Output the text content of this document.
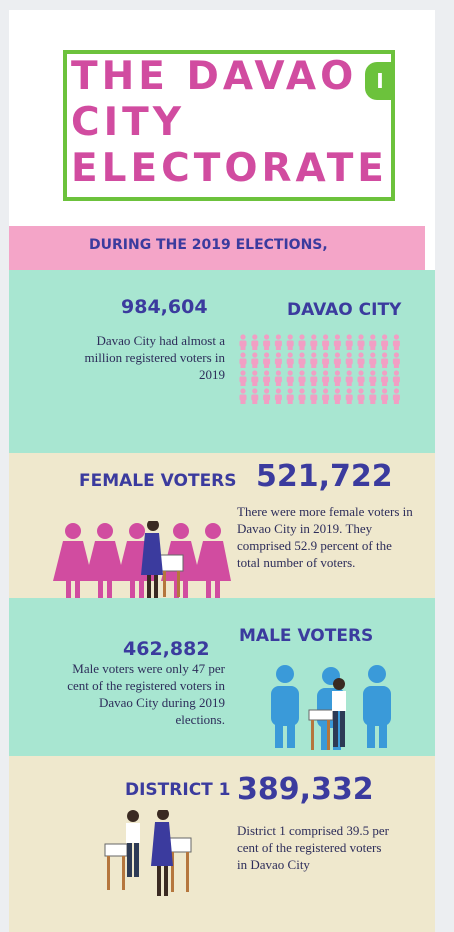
THE DAVAO
CITY
ELECTORATE

I
DURING THE 2019 ELECTIONS,

984,604	DAVAO CITY

Davao City had almost a million registered voters in 2019

FEMALE VOTERS 521,722

There were more female voters in Davao City in 2019. They comprised 52.9 percent of the total number of voters.

462,882

MALE VOTERS

Male voters were only 47 per cent of the registered voters in Davao City during 2019 elections.

DISTRICT 1 389,332

District 1 comprised 39.5 per cent of the registered voters in Davao City
